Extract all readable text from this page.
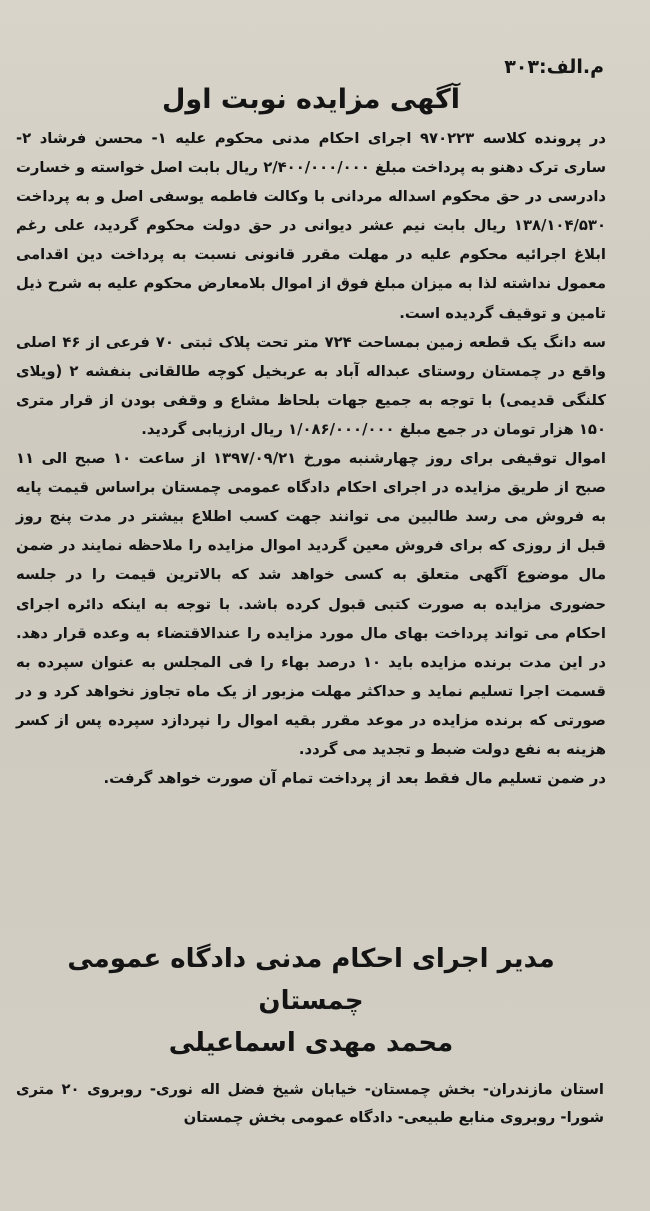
م.الف:۳۰۳
آگهی مزایده نوبت اول

در پرونده کلاسه ۹۷۰۲۲۳ اجرای احکام مدنی محکوم علیه ۱- محسن فرشاد ۲-ساری ترک دهنو به پرداخت مبلغ ۲/۴۰۰/۰۰۰/۰۰۰ ریال بابت اصل خواسته و خسارت دادرسی در حق محکوم اسداله مردانی با وکالت فاطمه یوسفی اصل و به پرداخت ۱۳۸/۱۰۴/۵۳۰ ریال بابت نیم عشر دیوانی در حق دولت محکوم گردید، علی رغم ابلاغ اجرائیه محکوم علیه در مهلت مقرر قانونی نسبت به پرداخت دین اقدامی معمول نداشته لذا به میزان مبلغ فوق از اموال بلامعارض محکوم علیه به شرح ذیل تامین و توقیف گردیده است.

سه دانگ یک قطعه زمین بمساحت ۷۲۴ متر تحت پلاک ثبتی ۷۰ فرعی از ۴۶ اصلی واقع در چمستان روستای عبداله آباد به عربخیل کوچه طالقانی بنفشه ۲ (ویلای کلنگی قدیمی) با توجه به جمیع جهات بلحاظ مشاع و وقفی بودن از قرار متری ۱۵۰ هزار تومان در جمع مبلغ ۱/۰۸۶/۰۰۰/۰۰۰ ریال ارزیابی گردید.

اموال توقیفی برای روز چهارشنبه مورخ ۱۳۹۷/۰۹/۲۱ از ساعت ۱۰ صبح الی ۱۱ صبح از طریق مزایده در اجرای احکام دادگاه عمومی چمستان براساس قیمت پایه به فروش می رسد طالبین می توانند جهت کسب اطلاع بیشتر در مدت پنج روز قبل از روزی که برای فروش معین گردید اموال مزایده را ملاحظه نمایند در ضمن مال موضوع آگهی متعلق به کسی خواهد شد که بالاترین قیمت را در جلسه حضوری مزایده به صورت کتبی قبول کرده باشد. با توجه به اینکه دائره اجرای احکام می تواند پرداخت بهای مال مورد مزایده را عندالاقتضاء به وعده قرار دهد. در این مدت برنده مزایده باید ۱۰ درصد بهاء را فی المجلس به عنوان سپرده به قسمت اجرا تسلیم نماید و حداکثر مهلت مزبور از یک ماه تجاوز نخواهد کرد و در صورتی که برنده مزایده در موعد مقرر بقیه اموال را نپردازد سپرده پس از کسر هزینه به نفع دولت ضبط و تجدید می گردد.

در ضمن تسلیم مال فقط بعد از پرداخت تمام آن صورت خواهد گرفت.

مدیر اجرای احکام مدنی دادگاه عمومی چمستان
محمد مهدی اسماعیلی
استان مازندران- بخش چمستان- خیابان شیخ فضل اله نوری- روبروی ۲۰ متری شورا- روبروی منابع طبیعی- دادگاه عمومی بخش چمستان
